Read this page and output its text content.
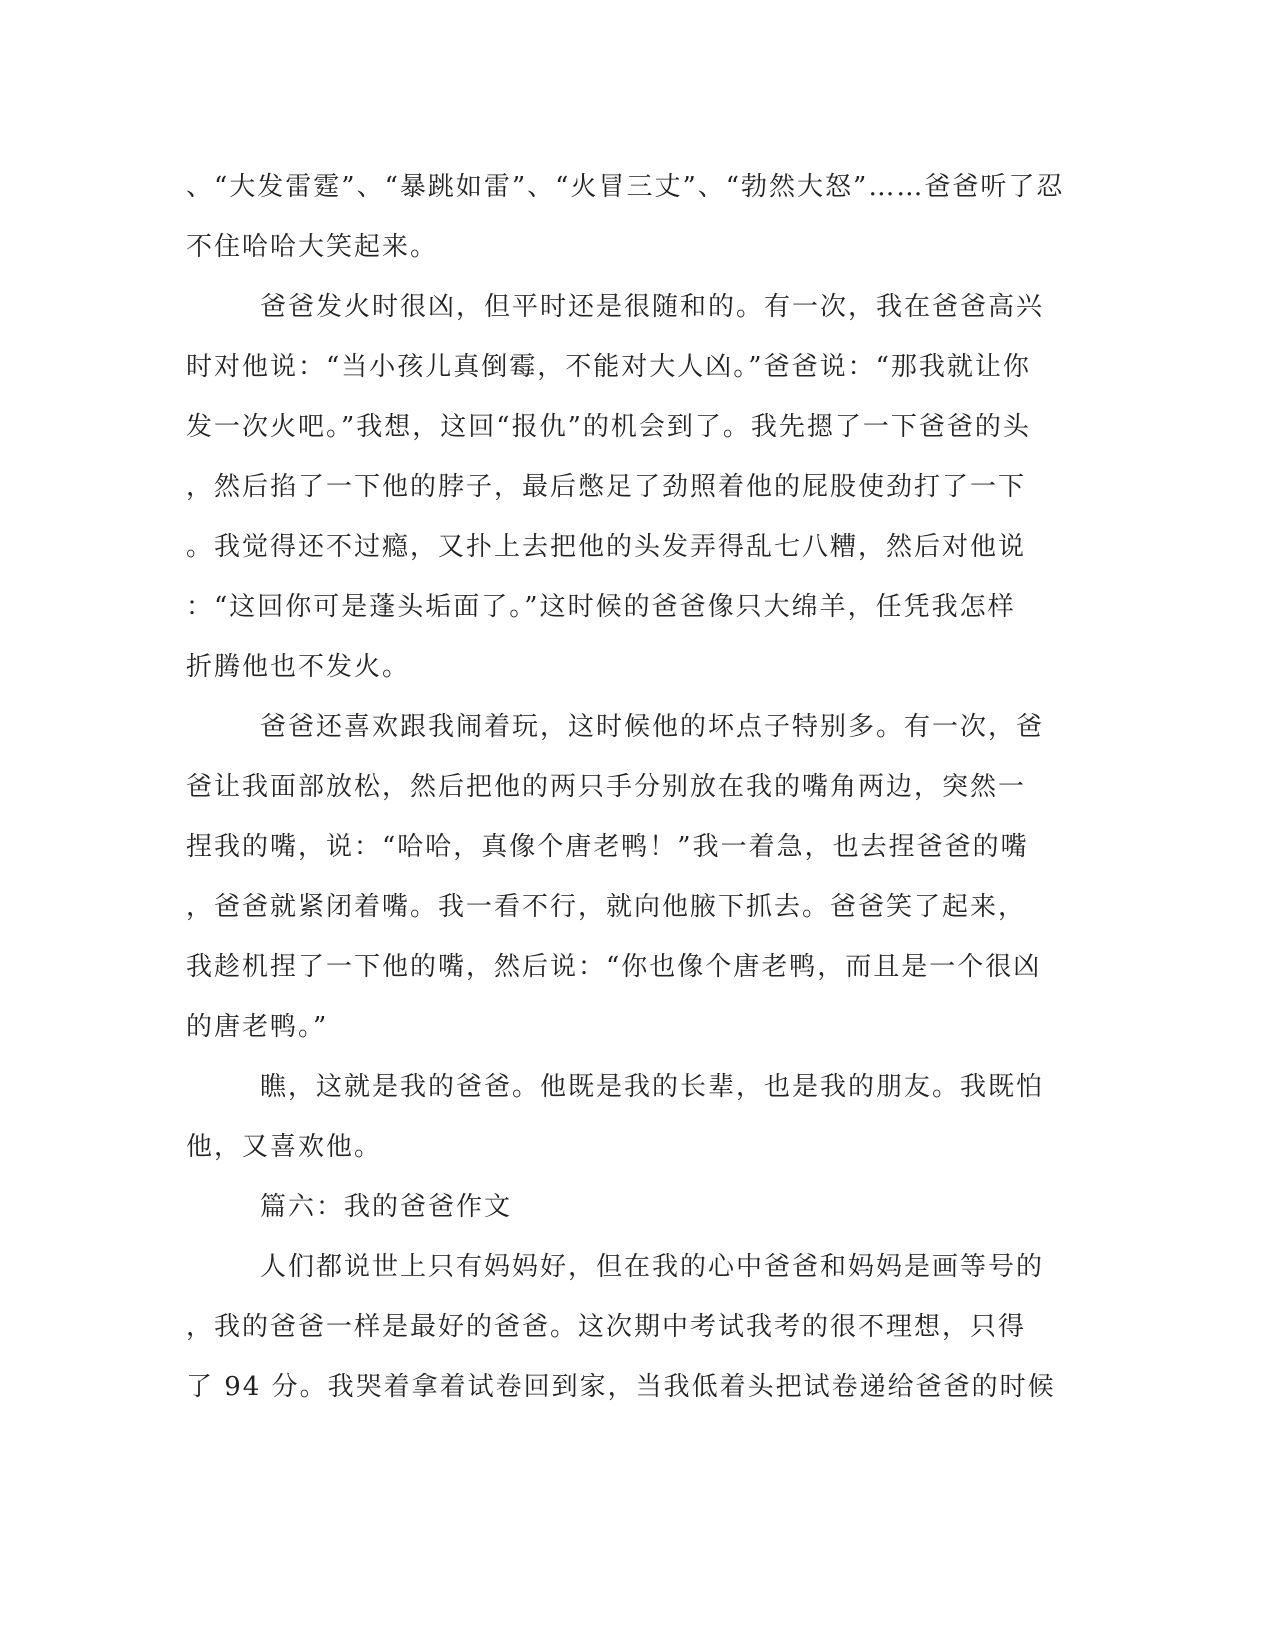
、“大发雷霆”、“暴跳如雷”、“火冒三丈”、“勃然大怒”……爸爸听了忍
不住哈哈大笑起来。
爸爸发火时很凶，但平时还是很随和的。有一次，我在爸爸高兴
时对他说：“当小孩儿真倒霉，不能对大人凶。”爸爸说：“那我就让你
发一次火吧。”我想，这回“报仇”的机会到了。我先摁了一下爸爸的头
，然后掐了一下他的脖子，最后憋足了劲照着他的屁股使劲打了一下
。我觉得还不过瘾，又扑上去把他的头发弄得乱七八糟，然后对他说
：“这回你可是蓬头垢面了。”这时候的爸爸像只大绵羊，任凭我怎样
折腾他也不发火。
爸爸还喜欢跟我闹着玩，这时候他的坏点子特别多。有一次，爸
爸让我面部放松，然后把他的两只手分别放在我的嘴角两边，突然一
捏我的嘴，说：“哈哈，真像个唐老鸭！”我一着急，也去捏爸爸的嘴
，爸爸就紧闭着嘴。我一看不行，就向他腋下抓去。爸爸笑了起来，
我趁机捏了一下他的嘴，然后说：“你也像个唐老鸭，而且是一个很凶
的唐老鸭。”
瞧，这就是我的爸爸。他既是我的长辈，也是我的朋友。我既怕
他，又喜欢他。
篇六：我的爸爸作文
人们都说世上只有妈妈好，但在我的心中爸爸和妈妈是画等号的
，我的爸爸一样是最好的爸爸。这次期中考试我考的很不理想，只得
了 94 分。我哭着拿着试卷回到家，当我低着头把试卷递给爸爸的时候
